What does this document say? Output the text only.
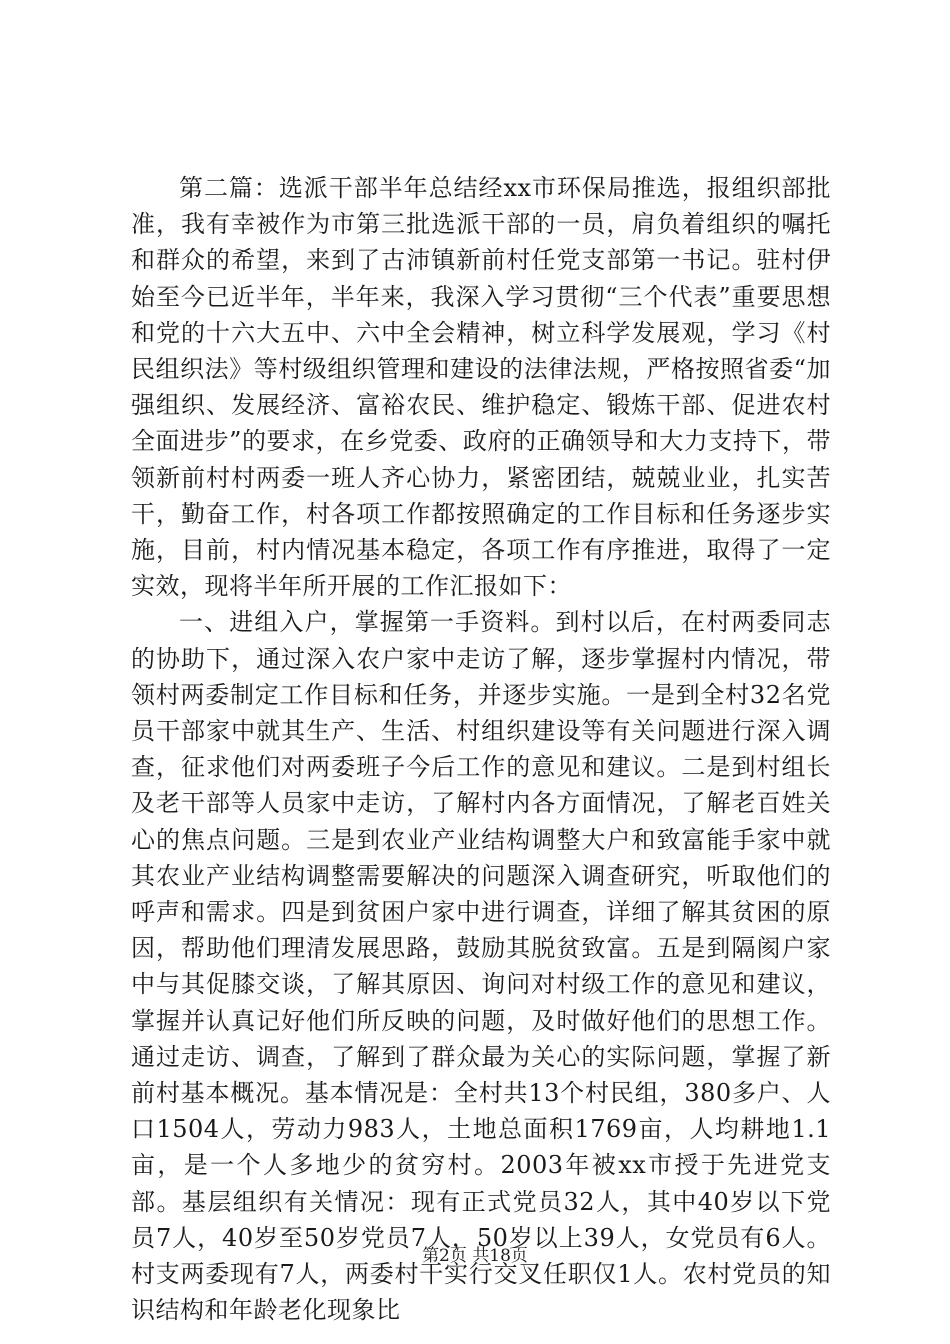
第二篇：选派干部半年总结经xx市环保局推选，报组织部批准，我有幸被作为市第三批选派干部的一员，肩负着组织的嘱托和群众的希望，来到了古沛镇新前村任党支部第一书记。驻村伊始至今已近半年，半年来，我深入学习贯彻“三个代表”重要思想和党的十六大五中、六中全会精神，树立科学发展观，学习《村民组织法》等村级组织管理和建设的法律法规，严格按照省委“加强组织、发展经济、富裕农民、维护稳定、锻炼干部、促进农村全面进步”的要求，在乡党委、政府的正确领导和大力支持下，带领新前村村两委一班人齐心协力，紧密团结，兢兢业业，扎实苦干，勤奋工作，村各项工作都按照确定的工作目标和任务逐步实施，目前，村内情况基本稳定，各项工作有序推进，取得了一定实效，现将半年所开展的工作汇报如下：

一、进组入户，掌握第一手资料。到村以后，在村两委同志的协助下，通过深入农户家中走访了解，逐步掌握村内情况，带领村两委制定工作目标和任务，并逐步实施。一是到全村32名党员干部家中就其生产、生活、村组织建设等有关问题进行深入调查，征求他们对两委班子今后工作的意见和建议。二是到村组长及老干部等人员家中走访，了解村内各方面情况，了解老百姓关心的焦点问题。三是到农业产业结构调整大户和致富能手家中就其农业产业结构调整需要解决的问题深入调查研究，听取他们的呼声和需求。四是到贫困户家中进行调查，详细了解其贫困的原因，帮助他们理清发展思路，鼓励其脱贫致富。五是到隔阂户家中与其促膝交谈，了解其原因、询问对村级工作的意见和建议，掌握并认真记好他们所反映的问题，及时做好他们的思想工作。通过走访、调查，了解到了群众最为关心的实际问题，掌握了新前村基本概况。基本情况是：全村共13个村民组，380多户、人口1504人，劳动力983人，土地总面积1769亩，人均耕地1.1亩，是一个人多地少的贫穷村。2003年被xx市授于先进党支部。基层组织有关情况：现有正式党员32人，其中40岁以下党员7人，40岁至50岁党员7人，50岁以上39人，女党员有6人。村支两委现有7人，两委村干实行交叉任职仅1人。农村党员的知识结构和年龄老化现象比

第2页 共18页
